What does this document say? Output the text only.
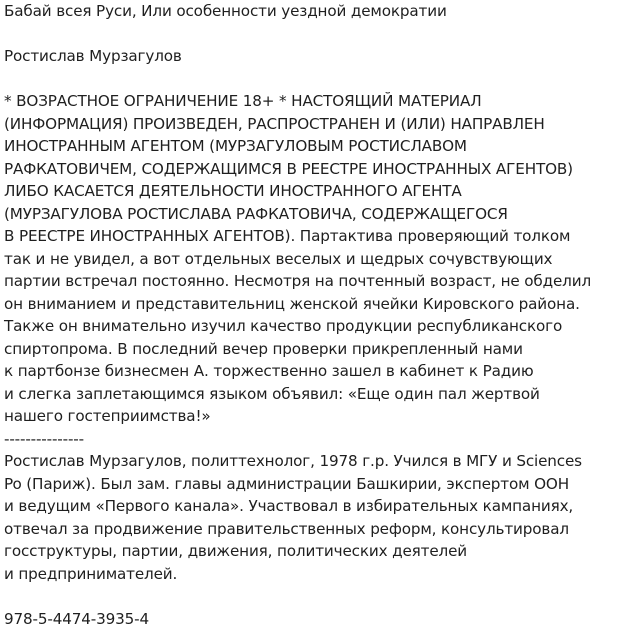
Бабай всея Руси, Или особенности уездной демократии
Ростислав Мурзагулов
* ВОЗРАСТНОЕ ОГРАНИЧЕНИЕ 18+ * НАСТОЯЩИЙ МАТЕРИАЛ
(ИНФОРМАЦИЯ) ПРОИЗВЕДЕН, РАСПРОСТРАНЕН И (ИЛИ) НАПРАВЛЕН
ИНОСТРАННЫМ АГЕНТОМ (МУРЗАГУЛОВЫМ РОСТИСЛАВОМ
РАФКАТОВИЧЕМ, СОДЕРЖАЩИМСЯ В РЕЕСТРЕ ИНОСТРАННЫХ АГЕНТОВ)
ЛИБО КАСАЕТСЯ ДЕЯТЕЛЬНОСТИ ИНОСТРАННОГО АГЕНТА
(МУРЗАГУЛОВА РОСТИСЛАВА РАФКАТОВИЧА, СОДЕРЖАЩЕГОСЯ
В РЕЕСТРЕ ИНОСТРАННЫХ АГЕНТОВ). Партактива проверяющий толком
так и не увидел, а вот отдельных веселых и щедрых сочувствующих
партии встречал постоянно. Несмотря на почтенный возраст, не обделил
он вниманием и представительниц женской ячейки Кировского района.
Также он внимательно изучил качество продукции республиканского
спиртопрома. В последний вечер проверки прикрепленный нами
к партбонзе бизнесмен А. торжественно зашел в кабинет к Радию
и слегка заплетающимся языком объявил: «Еще один пал жертвой
нашего гостеприимства!»
---------------
Ростислав Мурзагулов, политтехнолог, 1978 г.р. Учился в МГУ и Sciences
Po (Париж). Был зам. главы администрации Башкирии, экспертом ООН
и ведущим «Первого канала». Участвовал в избирательных кампаниях,
отвечал за продвижение правительственных реформ, консультировал
госструктуры, партии, движения, политических деятелей
и предпринимателей.
978-5-4474-3935-4
